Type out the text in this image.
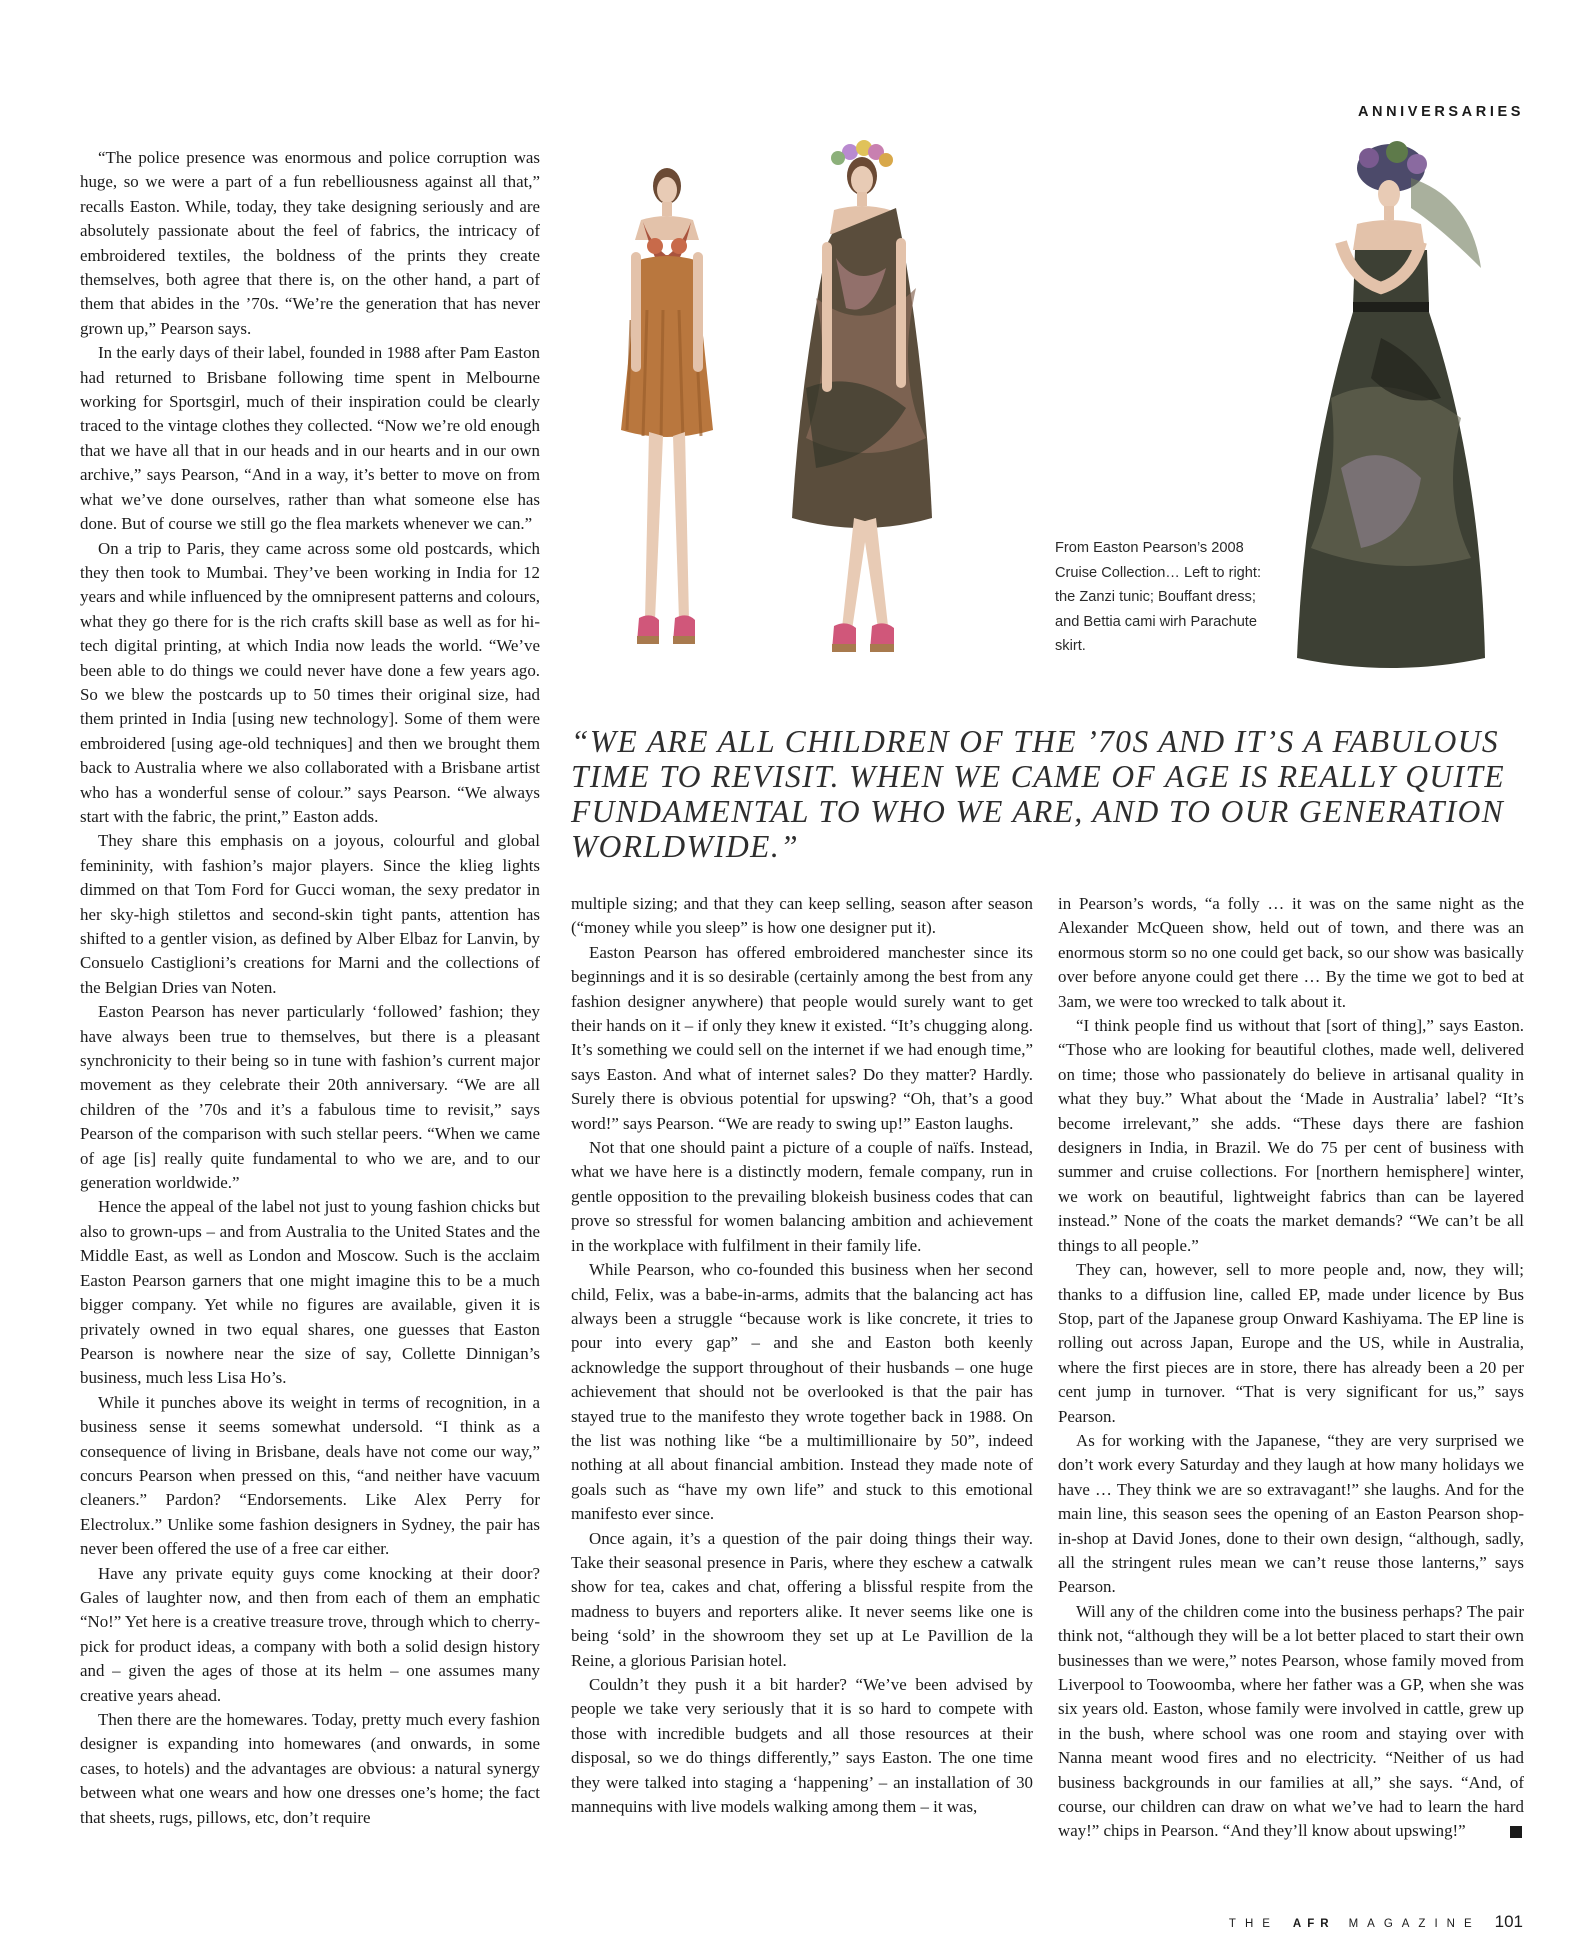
ANNIVERSARIES

“The police presence was enormous and police corruption was huge, so we were a part of a fun rebelliousness against all that,” recalls Easton. While, today, they take designing seriously and are absolutely passionate about the feel of fabrics, the intricacy of embroidered textiles, the boldness of the prints they create themselves, both agree that there is, on the other hand, a part of them that abides in the ’70s. “We’re the generation that has never grown up,” Pearson says.

In the early days of their label, founded in 1988 after Pam Easton had returned to Brisbane following time spent in Melbourne working for Sportsgirl, much of their inspiration could be clearly traced to the vintage clothes they collected. “Now we’re old enough that we have all that in our heads and in our hearts and in our own archive,” says Pearson, “And in a way, it’s better to move on from what we’ve done ourselves, rather than what someone else has done. But of course we still go the flea markets whenever we can.”

On a trip to Paris, they came across some old postcards, which they then took to Mumbai. They’ve been working in India for 12 years and while influenced by the omnipresent patterns and colours, what they go there for is the rich crafts skill base as well as for hi-tech digital printing, at which India now leads the world. “We’ve been able to do things we could never have done a few years ago. So we blew the postcards up to 50 times their original size, had them printed in India [using new technology]. Some of them were embroidered [using age-old techniques] and then we brought them back to Australia where we also collaborated with a Brisbane artist who has a wonderful sense of colour.” says Pearson. “We always start with the fabric, the print,” Easton adds.

They share this emphasis on a joyous, colourful and global femininity, with fashion’s major players. Since the klieg lights dimmed on that Tom Ford for Gucci woman, the sexy predator in her sky-high stilettos and second-skin tight pants, attention has shifted to a gentler vision, as defined by Alber Elbaz for Lanvin, by Consuelo Castiglioni’s creations for Marni and the collections of the Belgian Dries van Noten.

Easton Pearson has never particularly ‘followed’ fashion; they have always been true to themselves, but there is a pleasant synchronicity to their being so in tune with fashion’s current major movement as they celebrate their 20th anniversary. “We are all children of the ’70s and it’s a fabulous time to revisit,” says Pearson of the comparison with such stellar peers. “When we came of age [is] really quite fundamental to who we are, and to our generation worldwide.”

Hence the appeal of the label not just to young fashion chicks but also to grown-ups – and from Australia to the United States and the Middle East, as well as London and Moscow. Such is the acclaim Easton Pearson garners that one might imagine this to be a much bigger company. Yet while no figures are available, given it is privately owned in two equal shares, one guesses that Easton Pearson is nowhere near the size of say, Collette Dinnigan’s business, much less Lisa Ho’s.

While it punches above its weight in terms of recognition, in a business sense it seems somewhat undersold. “I think as a consequence of living in Brisbane, deals have not come our way,” concurs Pearson when pressed on this, “and neither have vacuum cleaners.” Pardon? “Endorsements. Like Alex Perry for Electrolux.” Unlike some fashion designers in Sydney, the pair has never been offered the use of a free car either.

Have any private equity guys come knocking at their door? Gales of laughter now, and then from each of them an emphatic “No!” Yet here is a creative treasure trove, through which to cherry-pick for product ideas, a company with both a solid design history and – given the ages of those at its helm – one assumes many creative years ahead.

Then there are the homewares. Today, pretty much every fashion designer is expanding into homewares (and onwards, in some cases, to hotels) and the advantages are obvious: a natural synergy between what one wears and how one dresses one’s home; the fact that sheets, rugs, pillows, etc, don’t require

From Easton Pearson’s 2008 Cruise Collection… Left to right: the Zanzi tunic; Bouffant dress; and Bettia cami wirh Parachute skirt.

“WE ARE ALL CHILDREN OF THE ’70S AND IT’S A FABULOUS TIME TO REVISIT. WHEN WE CAME OF AGE IS REALLY QUITE FUNDAMENTAL TO WHO WE ARE, AND TO OUR GENERATION WORLDWIDE.”

multiple sizing; and that they can keep selling, season after season (“money while you sleep” is how one designer put it).

Easton Pearson has offered embroidered manchester since its beginnings and it is so desirable (certainly among the best from any fashion designer anywhere) that people would surely want to get their hands on it – if only they knew it existed. “It’s chugging along. It’s something we could sell on the internet if we had enough time,” says Easton. And what of internet sales? Do they matter? Hardly. Surely there is obvious potential for upswing? “Oh, that’s a good word!” says Pearson. “We are ready to swing up!” Easton laughs.

Not that one should paint a picture of a couple of naïfs. Instead, what we have here is a distinctly modern, female company, run in gentle opposition to the prevailing blokeish business codes that can prove so stressful for women balancing ambition and achievement in the workplace with fulfilment in their family life.

While Pearson, who co-founded this business when her second child, Felix, was a babe-in-arms, admits that the balancing act has always been a struggle “because work is like concrete, it tries to pour into every gap” – and she and Easton both keenly acknowledge the support throughout of their husbands – one huge achievement that should not be overlooked is that the pair has stayed true to the manifesto they wrote together back in 1988. On the list was nothing like “be a multimillionaire by 50”, indeed nothing at all about financial ambition. Instead they made note of goals such as “have my own life” and stuck to this emotional manifesto ever since.

Once again, it’s a question of the pair doing things their way. Take their seasonal presence in Paris, where they eschew a catwalk show for tea, cakes and chat, offering a blissful respite from the madness to buyers and reporters alike. It never seems like one is being ‘sold’ in the showroom they set up at Le Pavillion de la Reine, a glorious Parisian hotel.

Couldn’t they push it a bit harder? “We’ve been advised by people we take very seriously that it is so hard to compete with those with incredible budgets and all those resources at their disposal, so we do things differently,” says Easton. The one time they were talked into staging a ‘happening’ – an installation of 30 mannequins with live models walking among them – it was,

in Pearson’s words, “a folly … it was on the same night as the Alexander McQueen show, held out of town, and there was an enormous storm so no one could get back, so our show was basically over before anyone could get there … By the time we got to bed at 3am, we were too wrecked to talk about it.

“I think people find us without that [sort of thing],” says Easton. “Those who are looking for beautiful clothes, made well, delivered on time; those who passionately do believe in artisanal quality in what they buy.” What about the ‘Made in Australia’ label? “It’s become irrelevant,” she adds. “These days there are fashion designers in India, in Brazil. We do 75 per cent of business with summer and cruise collections. For [northern hemisphere] winter, we work on beautiful, lightweight fabrics than can be layered instead.” None of the coats the market demands? “We can’t be all things to all people.”

They can, however, sell to more people and, now, they will; thanks to a diffusion line, called EP, made under licence by Bus Stop, part of the Japanese group Onward Kashiyama. The EP line is rolling out across Japan, Europe and the US, while in Australia, where the first pieces are in store, there has already been a 20 per cent jump in turnover. “That is very significant for us,” says Pearson.

As for working with the Japanese, “they are very surprised we don’t work every Saturday and they laugh at how many holidays we have … They think we are so extravagant!” she laughs. And for the main line, this season sees the opening of an Easton Pearson shop-in-shop at David Jones, done to their own design, “although, sadly, all the stringent rules mean we can’t reuse those lanterns,” says Pearson.

Will any of the children come into the business perhaps? The pair think not, “although they will be a lot better placed to start their own businesses than we were,” notes Pearson, whose family moved from Liverpool to Toowoomba, where her father was a GP, when she was six years old. Easton, whose family were involved in cattle, grew up in the bush, where school was one room and staying over with Nanna meant wood fires and no electricity. “Neither of us had business backgrounds in our families at all,” she says. “And, of course, our children can draw on what we’ve had to learn the hard way!” chips in Pearson. “And they’ll know about upswing!”

THE AFR MAGAZINE 101
